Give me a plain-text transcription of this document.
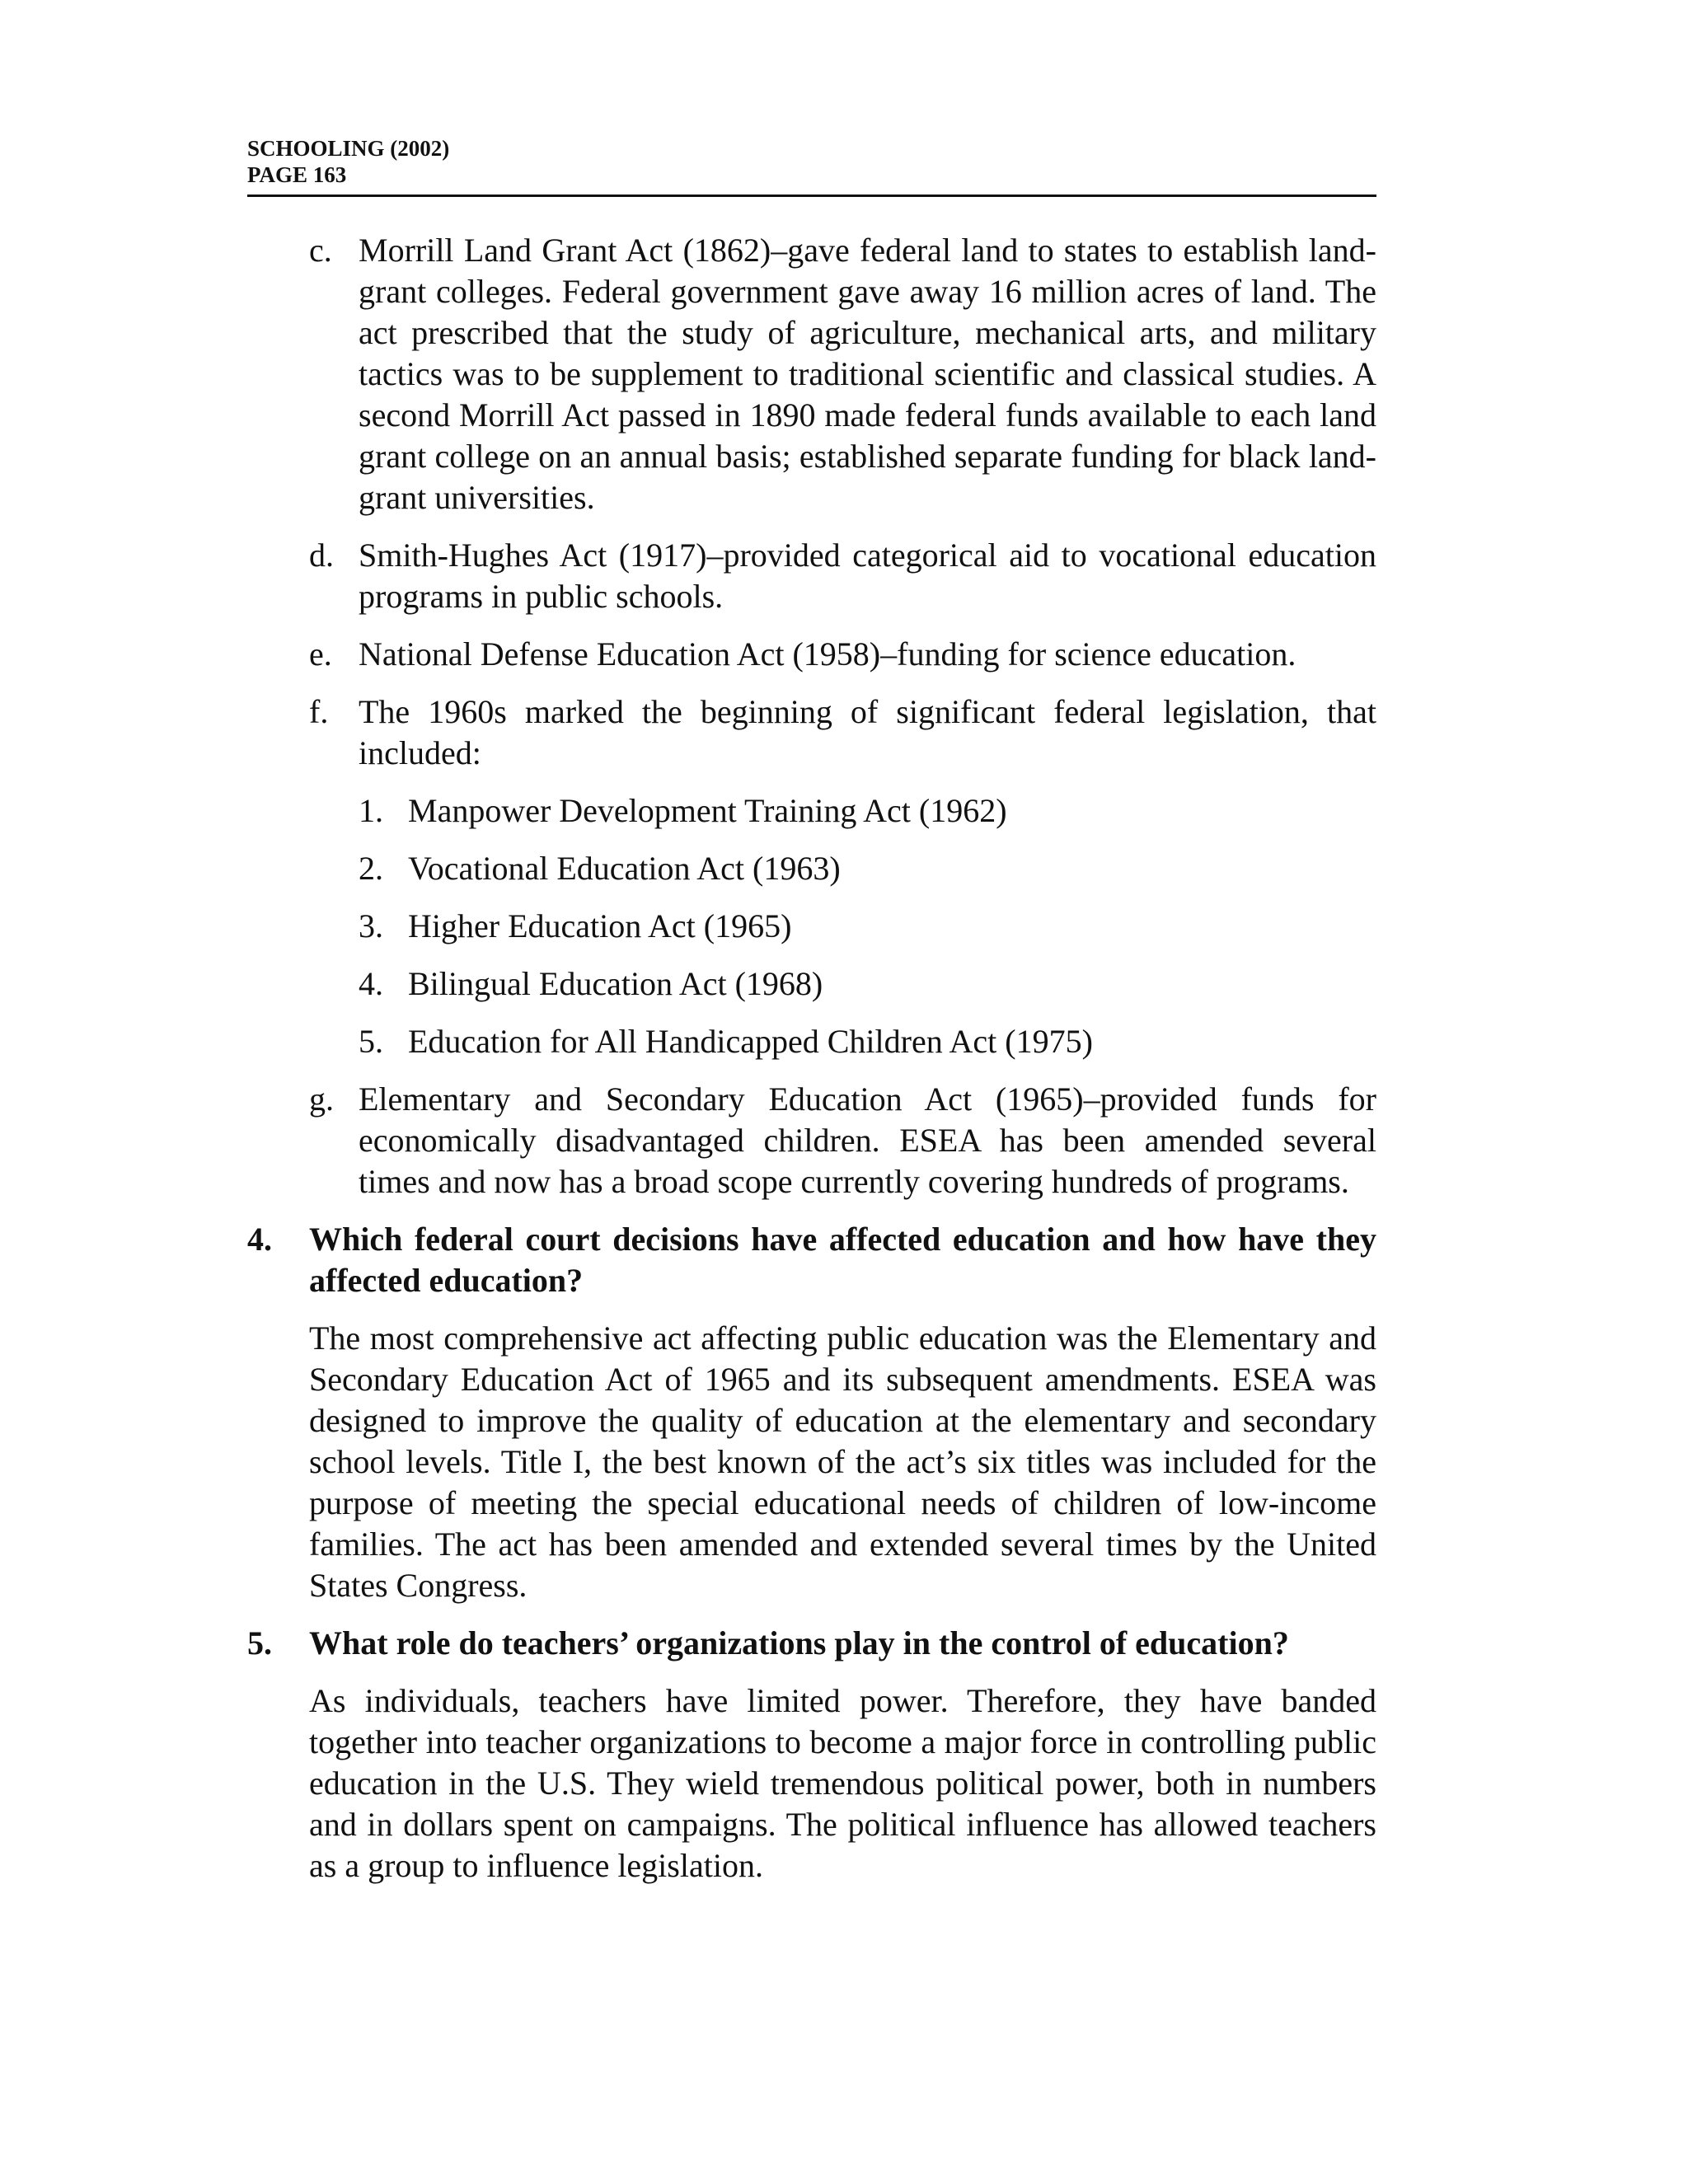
SCHOOLING (2002)
PAGE 163
c. Morrill Land Grant Act (1862)–gave federal land to states to establish land-grant colleges. Federal government gave away 16 million acres of land. The act prescribed that the study of agriculture, mechanical arts, and military tactics was to be supplement to traditional scientific and classical studies. A second Morrill Act passed in 1890 made federal funds available to each land grant college on an annual basis; established separate funding for black land-grant universities.

d. Smith-Hughes Act (1917)–provided categorical aid to vocational education programs in public schools.

e. National Defense Education Act (1958)–funding for science education.

f. The 1960s marked the beginning of significant federal legislation, that included:

1. Manpower Development Training Act (1962)
2. Vocational Education Act (1963)
3. Higher Education Act (1965)
4. Bilingual Education Act (1968)
5. Education for All Handicapped Children Act (1975)
g. Elementary and Secondary Education Act (1965)–provided funds for economically disadvantaged children. ESEA has been amended several times and now has a broad scope currently covering hundreds of programs.

4. Which federal court decisions have affected education and how have they affected education?

The most comprehensive act affecting public education was the Elementary and Secondary Education Act of 1965 and its subsequent amendments. ESEA was designed to improve the quality of education at the elementary and secondary school levels. Title I, the best known of the act’s six titles was included for the purpose of meeting the special educational needs of children of low-income families. The act has been amended and extended several times by the United States Congress.

5. What role do teachers’ organizations play in the control of education?

As individuals, teachers have limited power. Therefore, they have banded together into teacher organizations to become a major force in controlling public education in the U.S. They wield tremendous political power, both in numbers and in dollars spent on campaigns. The political influence has allowed teachers as a group to influence legislation.
